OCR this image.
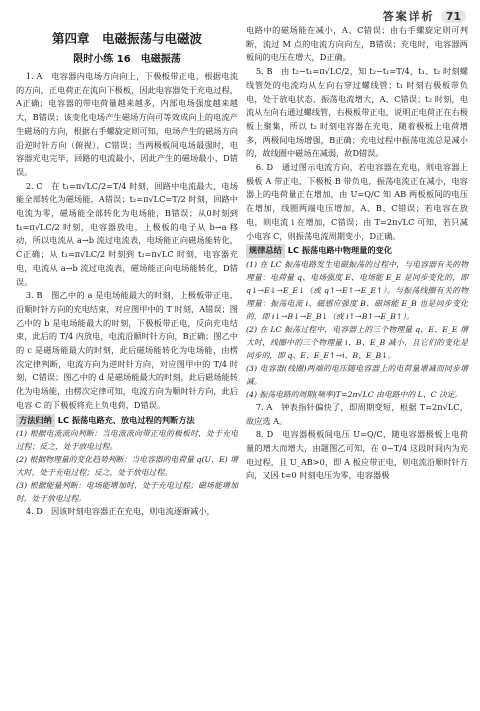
答案详析	71
第四章　电磁振荡与电磁波
限时小练 16　电磁振荡

1. A　电容器内电场方向向上，下极板带正电，根据电流的方向，正电荷正在流向下极板，因此电容器处于充电过程，A正确；电容器的带电荷量越来越多，内部电场强度越来越大，B错误；该变化电场产生磁场方向可等效成向上的电流产生磁场的方向，根据右手螺旋定则可知，电场产生的磁场方向沿逆时针方向（俯视），C错误；当两极板间电场最强时，电容器充电完毕，回路的电流最小，因此产生的磁场最小，D错误。

2. C　在 t₁=π√LC/2=T/4 时刻，回路中电流最大，电场能全部转化为磁场能，A错误；t₂=π√LC=T/2 时刻，回路中电流为零，磁场能全部转化为电场能，B错误；从0时刻到 t₁=π√LC/2 时刻，电容器放电，上极板的电子从 b→a 移动，所以电流从 a→b 流过电流表，电场能正向磁场能转化，C正确；从 t₁=π√LC/2 时刻到 t₂=π√LC 时刻，电容器充电，电流从 a→b 流过电流表，磁场能正向电场能转化，D错误。

3. B　图乙中的 a 是电场能最大的时刻，上极板带正电，沿顺时针方向的充电结束，对应图甲中的 T 时刻，A错误；图乙中的 b 是电场能最大的时刻，下极板带正电，反向充电结束，此后的 T/4 内放电，电流沿顺时针方向，B正确；图乙中的 c 是磁场能最大的时刻，此后磁场能转化为电场能，由楞次定律判断，电流方向为逆时针方向，对应图甲中的 T/4 时刻，C错误；图乙中的 d 是磁场能最大的时刻，此后磁场能转化为电场能，由楞次定律可知，电流方向为顺时针方向，此后电容 C 的下极板将充上负电荷，D错误。

方法归纳 LC 振荡电路充、放电过程的判断方法

(1) 根据电流流向判断：当电流流向带正电的极板时，处于充电过程；反之，处于放电过程。

(2) 根据物理量的变化趋势判断：当电容器的电荷量 q(U、E) 增大时，处于充电过程；反之，处于放电过程。

(3) 根据能量判断：电场能增加时，处于充电过程；磁场能增加时，处于放电过程。

4. D　因该时刻电容器正在充电，则电流逐渐减小，

电路中的磁场能在减小，A、C错误；由右手螺旋定则可判断，流过 M 点的电流方向向左，B错误；充电时，电容器两板间的电压在增大，D正确。

5. B　由 t₂−t₁=π√LC/2，知 t₂−t₁=T/4，t₁、t₂ 时刻螺线管处的电流均从左向右穿过螺线管；t₁ 时刻右极板带负电，处于放电状态，振荡电流增大，A、C错误；t₂ 时刻，电流从左向右通过螺线管，右极板带正电，说明正电荷正在右极板上聚集，所以 t₂ 时刻电容器在充电，随着极板上电荷增多，两极间电场增强，B正确；充电过程中振荡电流总是减小的，故线圈中磁场在减弱，故D错误。

6. D　通过图示电流方向，若电容器在充电，则电容器上极板 A 带正电，下极板 B 带负电，振荡电流正在减小，电容器上的电荷量正在增加，由 U=Q/C 知 AB 两板板间的电压在增加，线圈两端电压增加，A、B、C错误；若电容在放电，则电流 i 在增加，C错误；由 T=2π√LC 可知，若只减小电容 C，则振荡电流周期变小，D正确。

规律总结 LC 振荡电路中物理量的变化

(1) 在 LC 振荡电路发生电磁振荡的过程中，与电容器有关的物理量：电荷量 q、电场强度 E、电场能 E_E 是同步变化的，即 q↓→E↓→E_E↓（或 q↑→E↑→E_E↑）。与振荡线圈有关的物理量：振荡电流 i、磁感应强度 B、磁场能 E_B 也是同步变化的，即 i↓→B↓→E_B↓（或 i↑→B↑→E_B↑）。

(2) 在 LC 振荡过程中，电容器上的三个物理量 q、E、E_E 增大时，线圈中的三个物理量 i、B、E_B 减小，且它们的变化是同步的，即 q、E、E_E↑→i、B、E_B↓。

(3) 电容器(线圈)两端的电压随电容器上的电荷量增减而同步增减。

(4) 振荡电路的周期(频率)T=2π√LC 由电路中的 L、C 决定。

7. A　钟表指针偏快了，即周期变短，根据 T=2π√LC，故应选 A。

8. D　电容器极板间电压 U=Q/C，随电容器极板上电荷量的增大而增大，由题图乙可知，在 0~T/4 这段时间内为充电过程，且 U_AB>0，即 A 板应带正电，则电流沿顺时针方向，又因 t=0 时刻电压为零，电容器极
